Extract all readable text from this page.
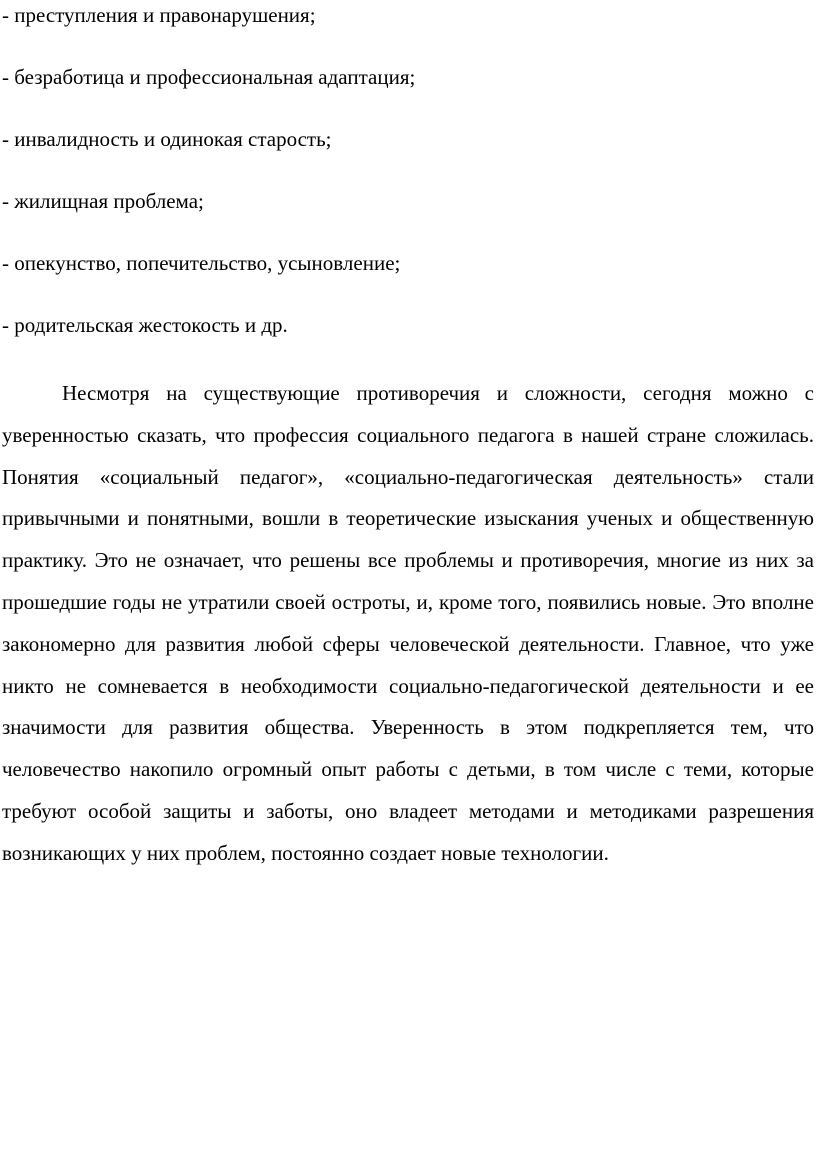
- преступления и правонарушения;
- безработица и профессиональная адаптация;
- инвалидность и одинокая старость;
- жилищная проблема;
- опекунство, попечительство, усыновление;
- родительская жестокость и др.

Несмотря на существующие противоречия и сложности, сегодня можно с уверенностью сказать, что профессия социального педагога в нашей стране сложилась. Понятия «социальный педагог», «социально-педагогическая деятельность» стали привычными и понятными, вошли в теоретические изыскания ученых и общественную практику. Это не означает, что решены все проблемы и противоречия, многие из них за прошедшие годы не утратили своей остроты, и, кроме того, появились новые. Это вполне закономерно для развития любой сферы человеческой деятельности. Главное, что уже никто не сомневается в необходимости социально-педагогической деятельности и ее значимости для развития общества. Уверенность в этом подкрепляется тем, что человечество накопило огромный опыт работы с детьми, в том числе с теми, которые требуют особой защиты и заботы, оно владеет методами и методиками разрешения возникающих у них проблем, постоянно создает новые технологии.
